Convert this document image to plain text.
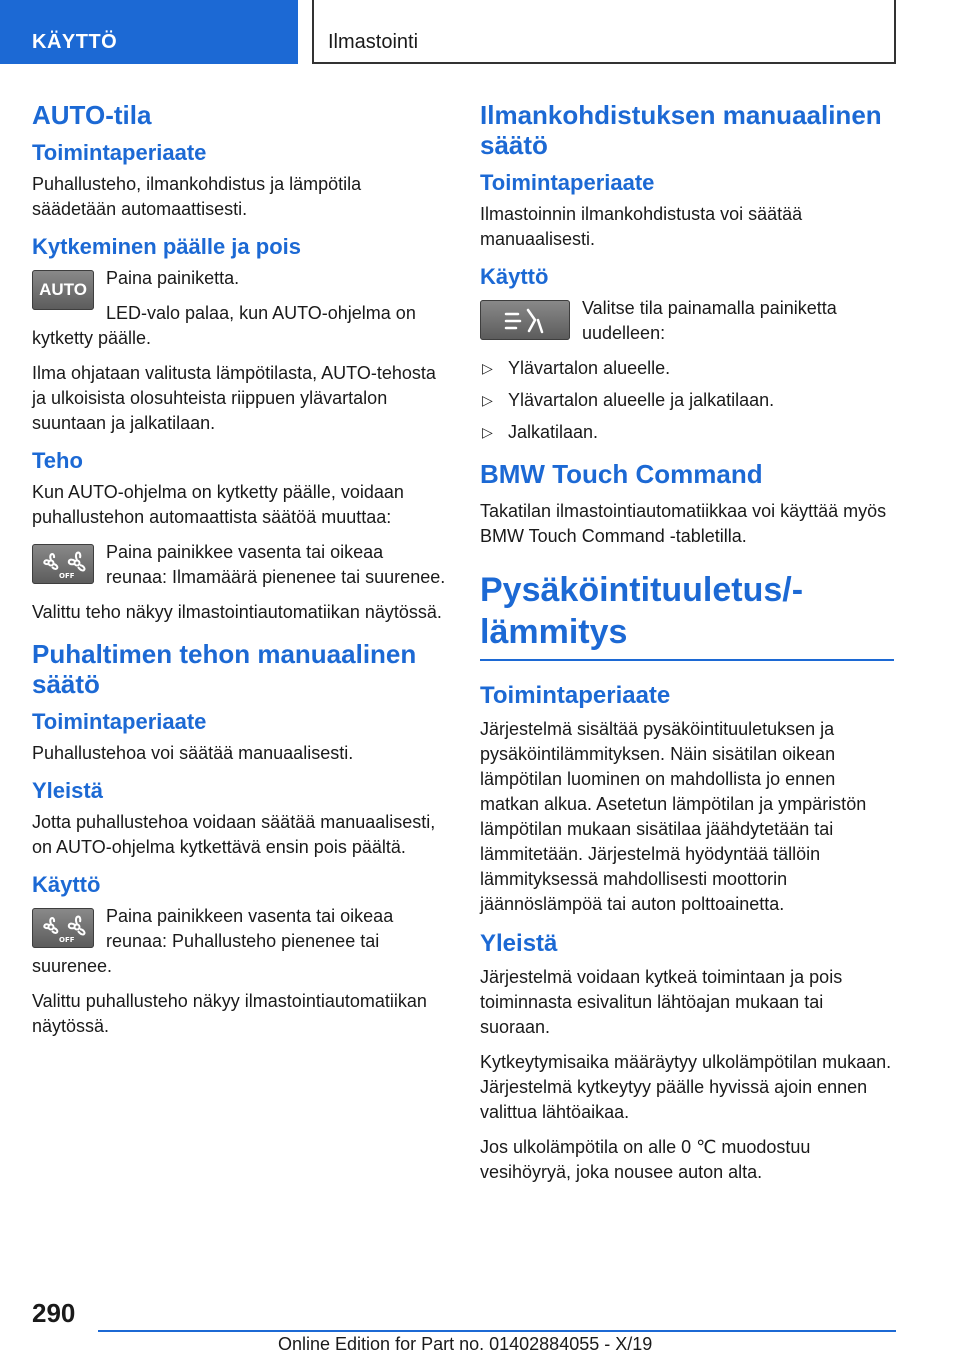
KÄYTTÖ	Ilmastointi
AUTO-tila
Toimintaperiaate

Puhallusteho, ilmankohdistus ja lämpötila säädetään automaattisesti.

Kytkeminen päälle ja pois
AUTO

Paina painiketta.

LED-valo palaa, kun AUTO-ohjelma on kytketty päälle.

Ilma ohjataan valitusta lämpötilasta, AUTO-tehosta ja ulkoisista olosuhteista riippuen ylävartalon suuntaan ja jalkatilaan.

Teho

Kun AUTO-ohjelma on kytketty päälle, voidaan puhallustehon automaattista säätöä muuttaa:

OFF

Paina painikkee vasenta tai oikeaa reunaa: Ilmamäärä pienenee tai suurenee.

Valittu teho näkyy ilmastointiautomatiikan näytössä.

Puhaltimen tehon manuaalinen säätö
Toimintaperiaate

Puhallustehoa voi säätää manuaalisesti.

Yleistä

Jotta puhallustehoa voidaan säätää manuaalisesti, on AUTO-ohjelma kytkettävä ensin pois päältä.

Käyttö
OFF

Paina painikkeen vasenta tai oikeaa reunaa: Puhallusteho pienenee tai suurenee.

Valittu puhallusteho näkyy ilmastointiautomatiikan näytössä.

Ilmankohdistuksen manuaalinen säätö
Toimintaperiaate

Ilmastoinnin ilmankohdistusta voi säätää manuaalisesti.

Käyttö

Valitse tila painamalla painiketta uudelleen:

▷ Ylävartalon alueelle.
▷ Ylävartalon alueelle ja jalkatilaan.
▷ Jalkatilaan.
BMW Touch Command

Takatilan ilmastointiautomatiikkaa voi käyttää myös BMW Touch Command -tabletilla.

Pysäköintituuletus/-lämmitys
Toimintaperiaate

Järjestelmä sisältää pysäköintituuletuksen ja pysäköintilämmityksen. Näin sisätilan oikean lämpötilan luominen on mahdollista jo ennen matkan alkua. Asetetun lämpötilan ja ympäristön lämpötilan mukaan sisätilaa jäähdytetään tai lämmitetään. Järjestelmä hyödyntää tällöin lämmityksessä mahdollisesti moottorin jäännöslämpöä tai auton polttoainetta.

Yleistä

Järjestelmä voidaan kytkeä toimintaan ja pois toiminnasta esivalitun lähtöajan mukaan tai suoraan.

Kytkeytymisaika määräytyy ulkolämpötilan mukaan. Järjestelmä kytkeytyy päälle hyvissä ajoin ennen valittua lähtöaikaa.

Jos ulkolämpötila on alle 0 ℃ muodostuu vesihöyryä, joka nousee auton alta.

290
Online Edition for Part no. 01402884055 - X/19
